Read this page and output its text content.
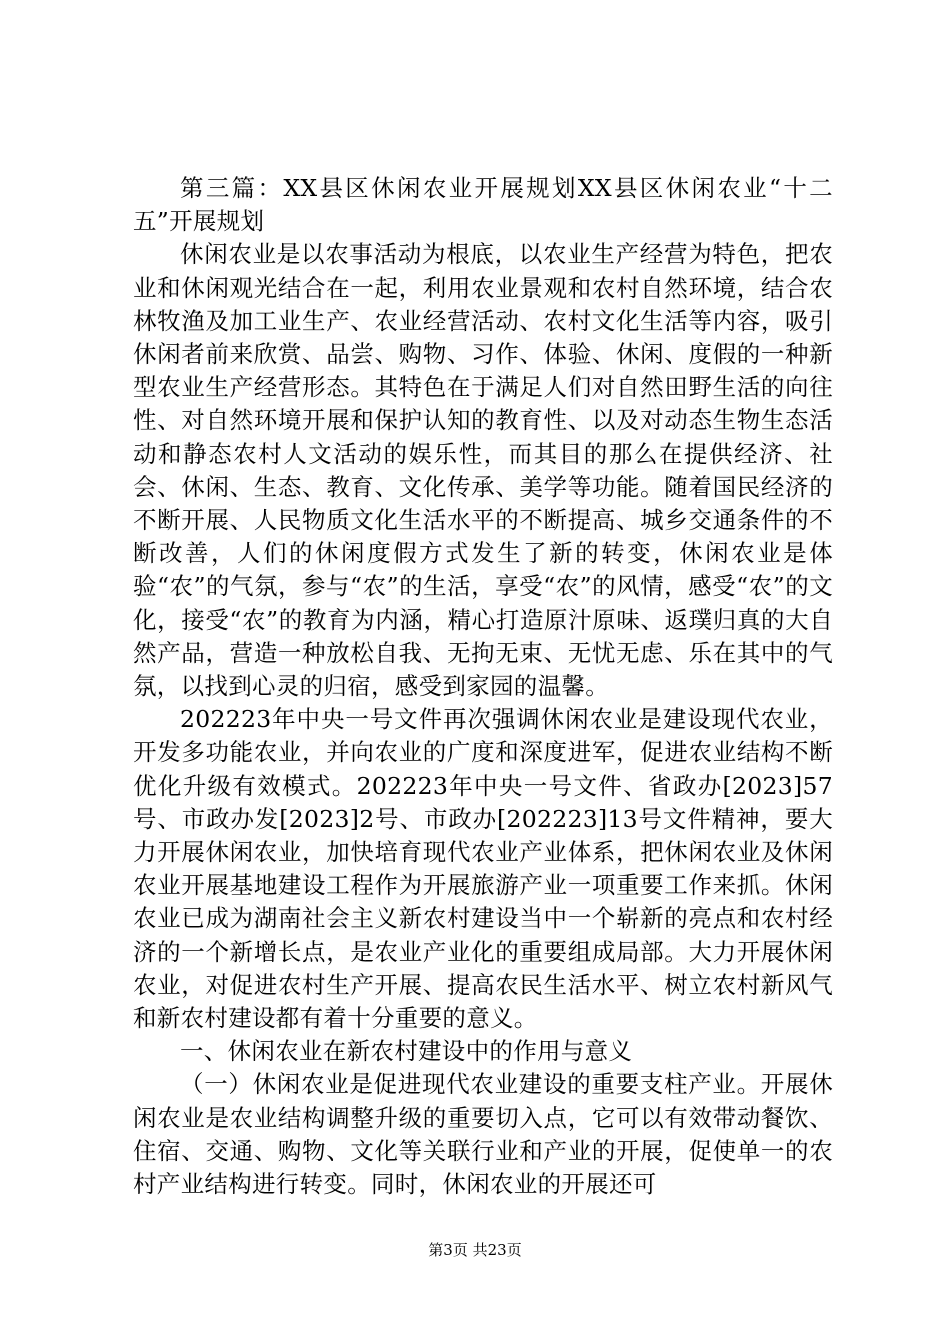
第三篇：XX县区休闲农业开展规划XX县区休闲农业“十二五”开展规划

休闲农业是以农事活动为根底，以农业生产经营为特色，把农业和休闲观光结合在一起，利用农业景观和农村自然环境，结合农林牧渔及加工业生产、农业经营活动、农村文化生活等内容，吸引休闲者前来欣赏、品尝、购物、习作、体验、休闲、度假的一种新型农业生产经营形态。其特色在于满足人们对自然田野生活的向往性、对自然环境开展和保护认知的教育性、以及对动态生物生态活动和静态农村人文活动的娱乐性，而其目的那么在提供经济、社会、休闲、生态、教育、文化传承、美学等功能。随着国民经济的不断开展、人民物质文化生活水平的不断提高、城乡交通条件的不断改善，人们的休闲度假方式发生了新的转变，休闲农业是体验“农”的气氛，参与“农”的生活，享受“农”的风情，感受“农”的文化，接受“农”的教育为内涵，精心打造原汁原味、返璞归真的大自然产品，营造一种放松自我、无拘无束、无忧无虑、乐在其中的气氛，以找到心灵的归宿，感受到家园的温馨。

202223年中央一号文件再次强调休闲农业是建设现代农业，开发多功能农业，并向农业的广度和深度进军，促进农业结构不断优化升级有效模式。202223年中央一号文件、省政办[2023]57号、市政办发[2023]2号、市政办[202223]13号文件精神，要大力开展休闲农业，加快培育现代农业产业体系，把休闲农业及休闲农业开展基地建设工程作为开展旅游产业一项重要工作来抓。休闲农业已成为湖南社会主义新农村建设当中一个崭新的亮点和农村经济的一个新增长点，是农业产业化的重要组成局部。大力开展休闲农业，对促进农村生产开展、提高农民生活水平、树立农村新风气和新农村建设都有着十分重要的意义。

一、休闲农业在新农村建设中的作用与意义

（一）休闲农业是促进现代农业建设的重要支柱产业。开展休闲农业是农业结构调整升级的重要切入点，它可以有效带动餐饮、住宿、交通、购物、文化等关联行业和产业的开展，促使单一的农村产业结构进行转变。同时，休闲农业的开展还可

第3页 共23页
